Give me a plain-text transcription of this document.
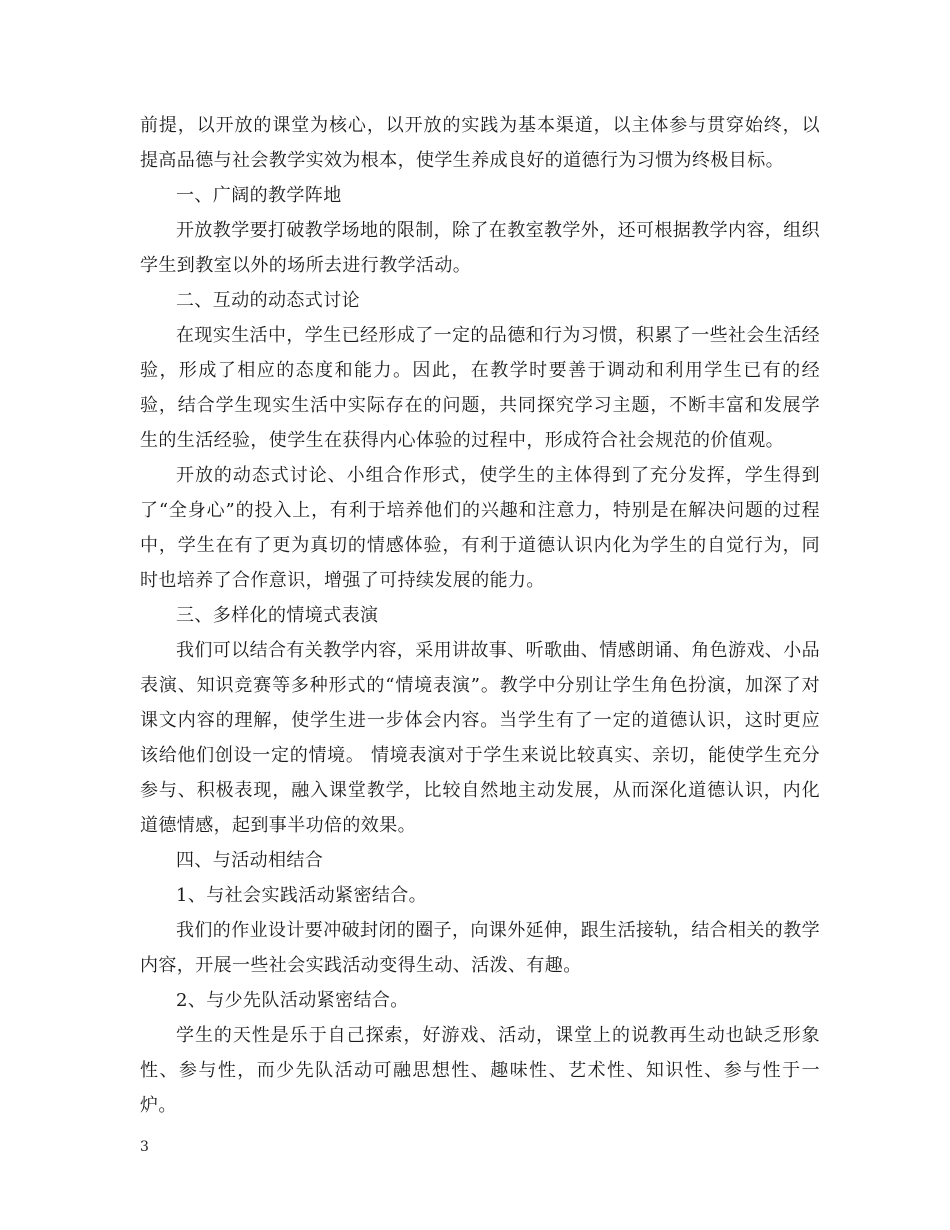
前提，以开放的课堂为核心，以开放的实践为基本渠道，以主体参与贯穿始终，以提高品德与社会教学实效为根本，使学生养成良好的道德行为习惯为终极目标。

一、广阔的教学阵地

开放教学要打破教学场地的限制，除了在教室教学外，还可根据教学内容，组织学生到教室以外的场所去进行教学活动。

二、互动的动态式讨论

在现实生活中，学生已经形成了一定的品德和行为习惯，积累了一些社会生活经验，形成了相应的态度和能力。因此，在教学时要善于调动和利用学生已有的经验，结合学生现实生活中实际存在的问题，共同探究学习主题，不断丰富和发展学生的生活经验，使学生在获得内心体验的过程中，形成符合社会规范的价值观。

开放的动态式讨论、小组合作形式，使学生的主体得到了充分发挥，学生得到了“全身心”的投入上，有利于培养他们的兴趣和注意力，特别是在解决问题的过程中，学生在有了更为真切的情感体验，有利于道德认识内化为学生的自觉行为，同时也培养了合作意识，增强了可持续发展的能力。

三、多样化的情境式表演

我们可以结合有关教学内容，采用讲故事、听歌曲、情感朗诵、角色游戏、小品表演、知识竞赛等多种形式的“情境表演”。教学中分别让学生角色扮演，加深了对课文内容的理解，使学生进一步体会内容。当学生有了一定的道德认识，这时更应该给他们创设一定的情境。 情境表演对于学生来说比较真实、亲切，能使学生充分参与、积极表现，融入课堂教学，比较自然地主动发展，从而深化道德认识，内化道德情感，起到事半功倍的效果。

四、与活动相结合

1、与社会实践活动紧密结合。

我们的作业设计要冲破封闭的圈子，向课外延伸，跟生活接轨，结合相关的教学内容，开展一些社会实践活动变得生动、活泼、有趣。

2、与少先队活动紧密结合。

学生的天性是乐于自己探索，好游戏、活动，课堂上的说教再生动也缺乏形象性、参与性，而少先队活动可融思想性、趣味性、艺术性、知识性、参与性于一炉。

3
